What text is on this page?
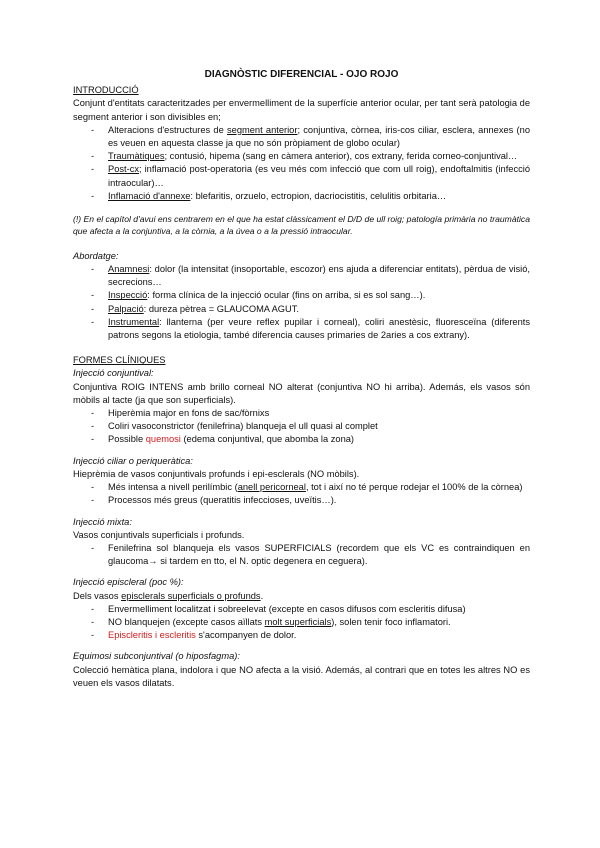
DIAGNÒSTIC DIFERENCIAL - OJO ROJO
INTRODUCCIÓ

Conjunt d'entitats caracteritzades per envermelliment de la superfície anterior ocular, per tant serà patologia de segment anterior i son divisibles en;

- Alteracions d'estructures de segment anterior; conjuntiva, còrnea, iris-cos ciliar, esclera, annexes (no es veuen en aquesta classe ja que no són pròpiament de globo ocular)
- Traumàtiques; contusió, hipema (sang en càmera anterior), cos extrany, ferida corneo-conjuntival…
- Post-cx; inflamació post-operatoria (es veu més com infecció que com ull roig), endoftalmitis (infecció intraocular)…
- Inflamació d'annexe: blefaritis, orzuelo, ectropion, dacriocistitis, celulitis orbitaria…

(!) En el capítol d'avui ens centrarem en el que ha estat clàssicament el D/D de ull roig; patología primària no traumàtica que afecta a la conjuntiva, a la còrnia, a la úvea o a la pressió intraocular.

Abordatge:
- Anamnesi: dolor (la intensitat (insoportable, escozor) ens ajuda a diferenciar entitats), pèrdua de visió, secrecions…
- Inspecció: forma clínica de la injecció ocular (fins on arriba, si es sol sang…).
- Palpació: dureza pètrea = GLAUCOMA AGUT.
- Instrumental: llanterna (per veure reflex pupilar i corneal), coliri anestèsic, fluoresceïna (diferents patrons segons la etiologia, també diferencia causes primaries de 2aries a cos extrany).
FORMES CLÍNIQUES
Injecció conjuntival:

Conjuntiva ROIG INTENS amb brillo corneal NO alterat (conjuntiva NO hi arriba). Además, els vasos són mòbils al tacte (ja que son superficials).

- Hiperèmia major en fons de sac/fòrnixs
- Coliri vasoconstrictor (fenilefrina) blanqueja el ull quasi al complet
- Possible quemosi (edema conjuntival, que abomba la zona)
Injecció ciliar o periqueràtica:

Hieprèmia de vasos conjuntivals profunds i epi-esclerals (NO mòbils).

- Més intensa a nivell perilímbic (anell pericorneal, tot i així no té perque rodejar el 100% de la còrnea)
- Processos més greus (queratitis infeccioses, uveïtis…).
Injecció mixta:

Vasos conjuntivals superficials i profunds.

- Fenilefrina sol blanqueja els vasos SUPERFICIALS (recordem que els VC es contraindiquen en glaucoma→ si tardem en tto, el N. optic degenera en ceguera).
Injecció episcleral (poc %):

Dels vasos episclerals superficials o profunds.

- Envermelliment localitzat i sobreelevat (excepte en casos difusos com escleritis difusa)
- NO blanquejen (excepte casos aïllats molt superficials), solen tenir foco inflamatori.
- Episcleritis i escleritis s'acompanyen de dolor.
Equimosi subconjuntival (o hiposfagma):

Colecció hemàtica plana, indolora i que NO afecta a la visió. Además, al contrari que en totes les altres NO es veuen els vasos dilatats.
